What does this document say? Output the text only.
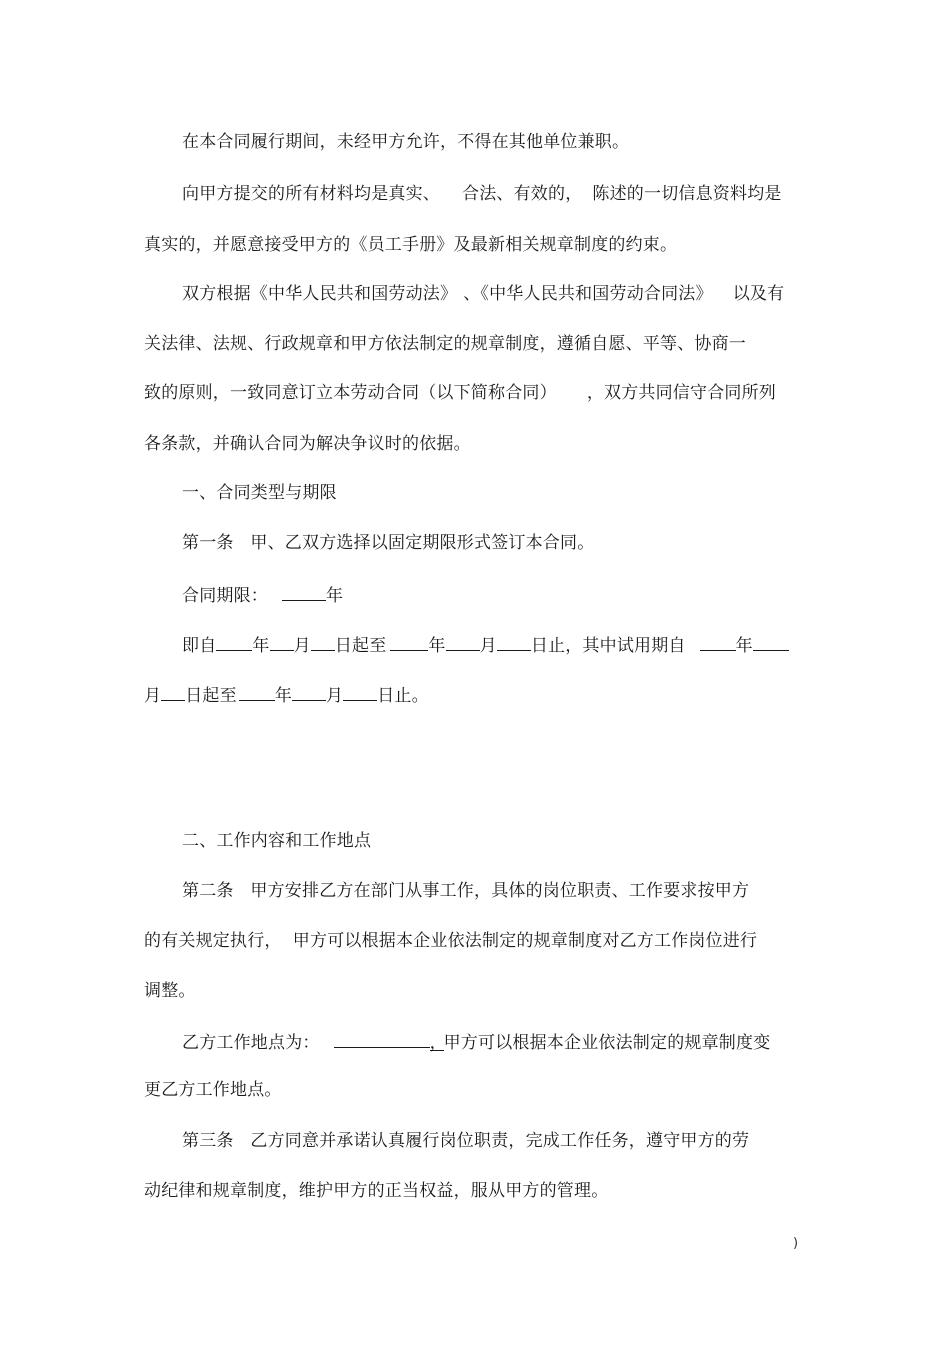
在本合同履行期间，未经甲方允许，不得在其他单位兼职。
向甲方提交的所有材料均是真实、 合法、有效的， 陈述的一切信息资料均是
真实的，并愿意接受甲方的《员工手册》及最新相关规章制度的约束。
双方根据《中华人民共和国劳动法》 、《中华人民共和国劳动合同法》 以及有
关法律、法规、行政规章和甲方依法制定的规章制度，遵循自愿、平等、协商一
致的原则，一致同意订立本劳动合同（以下简称合同） ，双方共同信守合同所列
各条款，并确认合同为解决争议时的依据。
一、合同类型与期限
第一条   甲、乙双方选择以固定期限形式签订本合同。
合同期限：	年
即自 年 月 日起至 年 月 日止，其中试用期自	年
月 日起至 年 月 日止。
二、工作内容和工作地点
第二条   甲方安排乙方在部门从事工作，具体的岗位职责、工作要求按甲方
的有关规定执行，  甲方可以根据本企业依法制定的规章制度对乙方工作岗位进行
调整。
乙方工作地点为：	，甲方可以根据本企业依法制定的规章制度变
更乙方工作地点。
第三条   乙方同意并承诺认真履行岗位职责，完成工作任务，遵守甲方的劳
动纪律和规章制度，维护甲方的正当权益，服从甲方的管理。
)
